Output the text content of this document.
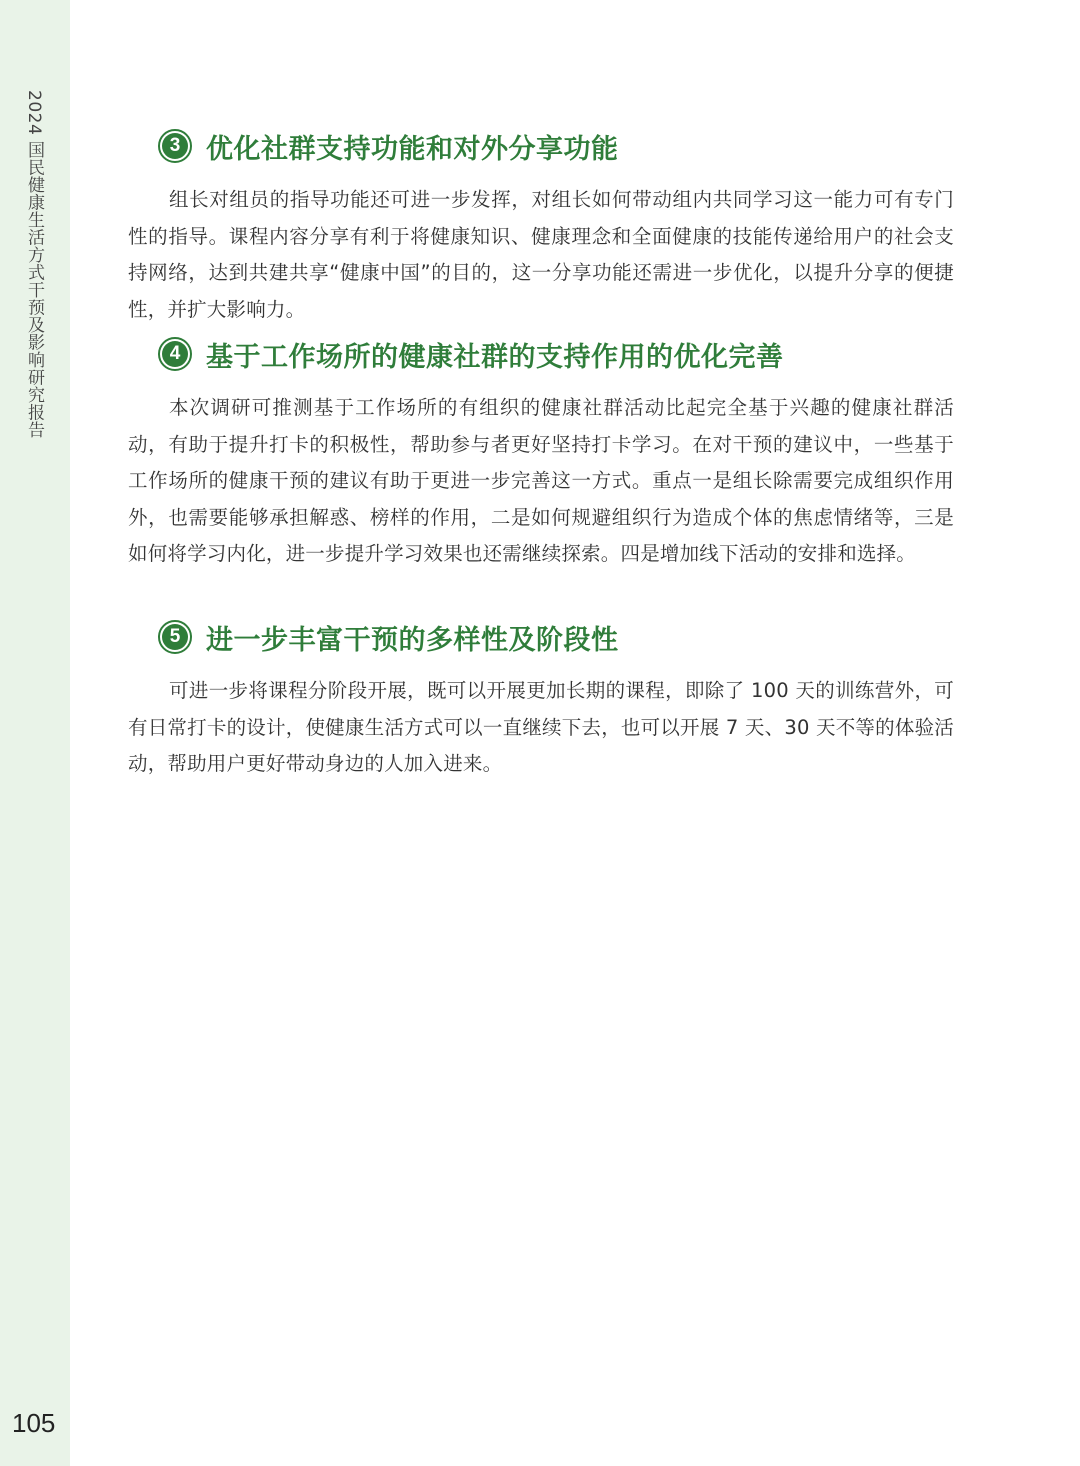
2024 国民健康生活方式干预及影响研究报告
105
3 优化社群支持功能和对外分享功能

组长对组员的指导功能还可进一步发挥，对组长如何带动组内共同学习这一能力可有专门性的指导。课程内容分享有利于将健康知识、健康理念和全面健康的技能传递给用户的社会支持网络，达到共建共享“健康中国”的目的，这一分享功能还需进一步优化，以提升分享的便捷性，并扩大影响力。

4 基于工作场所的健康社群的支持作用的优化完善

本次调研可推测基于工作场所的有组织的健康社群活动比起完全基于兴趣的健康社群活动，有助于提升打卡的积极性，帮助参与者更好坚持打卡学习。在对干预的建议中，一些基于工作场所的健康干预的建议有助于更进一步完善这一方式。重点一是组长除需要完成组织作用外，也需要能够承担解惑、榜样的作用，二是如何规避组织行为造成个体的焦虑情绪等，三是如何将学习内化，进一步提升学习效果也还需继续探索。四是增加线下活动的安排和选择。

5 进一步丰富干预的多样性及阶段性

可进一步将课程分阶段开展，既可以开展更加长期的课程，即除了 100 天的训练营外，可有日常打卡的设计，使健康生活方式可以一直继续下去，也可以开展 7 天、30 天不等的体验活动，帮助用户更好带动身边的人加入进来。
